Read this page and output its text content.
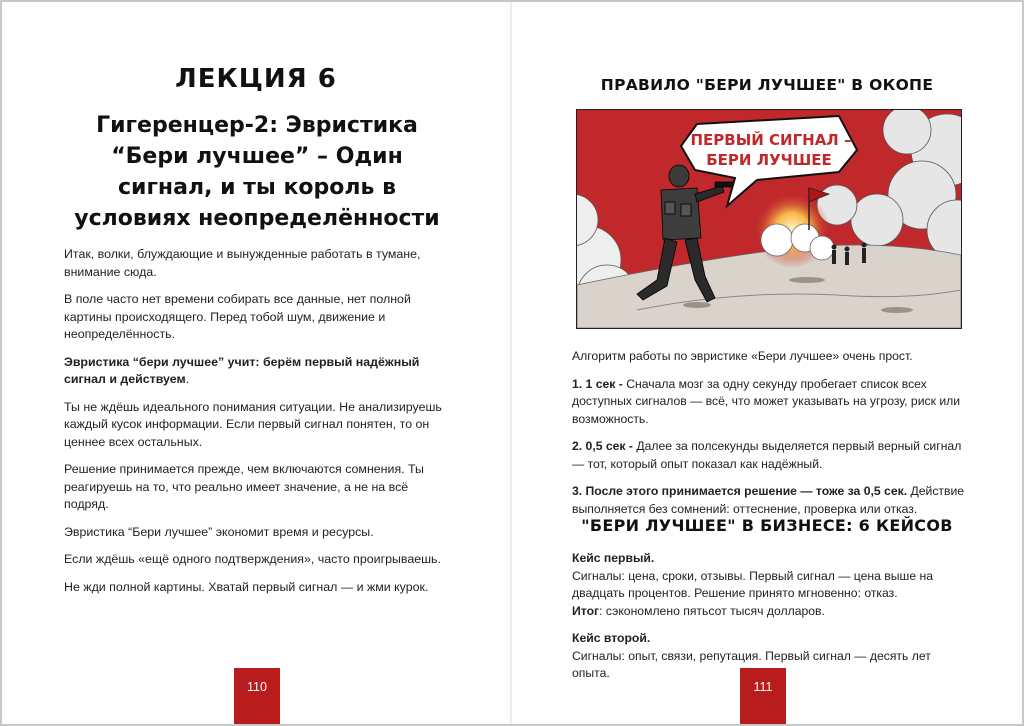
ЛЕКЦИЯ 6
Гигеренцер-2: Эвристика “Бери лучшее” – Один сигнал, и ты король в условиях неопределённости

Итак, волки, блуждающие и вынужденные работать в тумане, внимание сюда.

В поле часто нет времени собирать все данные, нет полной картины происходящего. Перед тобой шум, движение и неопределённость.

Эвристика “бери лучшее” учит: берём первый надёжный сигнал и действуем.

Ты не ждёшь идеального понимания ситуации. Не анализируешь каждый кусок информации. Если первый сигнал понятен, то он ценнее всех остальных.

Решение принимается прежде, чем включаются сомнения. Ты реагируешь на то, что реально имеет значение, а не на всё подряд.

Эвристика “Бери лучшее” экономит время и ресурсы.

Если ждёшь «ещё одного подтверждения», часто проигрываешь.

Не жди полной картины. Хватай первый сигнал — и жми курок.

110
ПРАВИЛО "БЕРИ ЛУЧШЕЕ" В ОКОПЕ
ПЕРВЫЙ СИГНАЛ –
БЕРИ ЛУЧШЕЕ

Алгоритм работы по эвристике «Бери лучшее» очень прост.

1. 1 сек - Сначала мозг за одну секунду пробегает список всех доступных сигналов — всё, что может указывать на угрозу, риск или возможность.

2. 0,5 сек - Далее за полсекунды выделяется первый верный сигнал — тот, который опыт показал как надёжный.

3. После этого принимается решение — тоже за 0,5 сек. Действие выполняется без сомнений: оттеснение, проверка или отказ.

"БЕРИ ЛУЧШЕЕ" В БИЗНЕСЕ: 6 КЕЙСОВ
Кейс первый.
Сигналы: цена, сроки, отзывы. Первый сигнал — цена выше на двадцать процентов. Решение принято мгновенно: отказ.
Итог: сэкономлено пятьсот тысяч долларов.
Кейс второй.
Сигналы: опыт, связи, репутация. Первый сигнал — десять лет опыта.
111
